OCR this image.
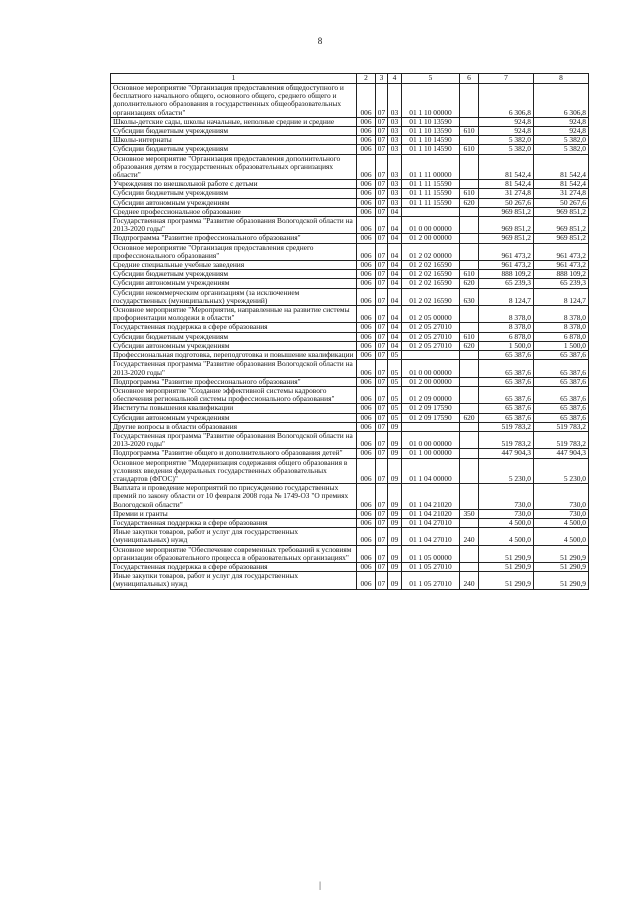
8
1	2	3	4	5	6	7	8
Основное мероприятие "Организация предоставления общедоступного и бесплатного начального общего, основного общего, среднего общего и дополнительного образования в государственных общеобразовательных организациях области"	006	07	03	01 1 10 00000		6 306,8	6 306,8
Школы-детские сады, школы начальные, неполные средние и средние	006	07	03	01 1 10 13590		924,8	924,8
Субсидии бюджетным учреждениям	006	07	03	01 1 10 13590	610	924,8	924,8
Школы-интернаты	006	07	03	01 1 10 14590		5 382,0	5 382,0
Субсидии бюджетным учреждениям	006	07	03	01 1 10 14590	610	5 382,0	5 382,0
Основное мероприятие "Организация предоставления дополнительного образования детям в государственных образовательных организациях области"	006	07	03	01 1 11 00000		81 542,4	81 542,4
Учреждения по внешкольной работе с детьми	006	07	03	01 1 11 15590		81 542,4	81 542,4
Субсидии бюджетным учреждениям	006	07	03	01 1 11 15590	610	31 274,8	31 274,8
Субсидии автономным учреждениям	006	07	03	01 1 11 15590	620	50 267,6	50 267,6
Среднее профессиональное образование	006	07	04			969 851,2	969 851,2
Государственная программа "Развитие образования Вологодской области на 2013-2020 годы"	006	07	04	01 0 00 00000		969 851,2	969 851,2
Подпрограмма "Развитие профессионального образования"	006	07	04	01 2 00 00000		969 851,2	969 851,2
Основное мероприятие "Организация предоставления среднего профессионального образования"	006	07	04	01 2 02 00000		961 473,2	961 473,2
Средние специальные учебные заведения	006	07	04	01 2 02 16590		961 473,2	961 473,2
Субсидии бюджетным учреждениям	006	07	04	01 2 02 16590	610	888 109,2	888 109,2
Субсидии автономным учреждениям	006	07	04	01 2 02 16590	620	65 239,3	65 239,3
Субсидии некоммерческим организациям (за исключением государственных (муниципальных) учреждений)	006	07	04	01 2 02 16590	630	8 124,7	8 124,7
Основное мероприятие "Мероприятия, направленные на развитие системы профориентации молодежи в области"	006	07	04	01 2 05 00000		8 378,0	8 378,0
Государственная поддержка в сфере образования	006	07	04	01 2 05 27010		8 378,0	8 378,0
Субсидии бюджетным учреждениям	006	07	04	01 2 05 27010	610	6 878,0	6 878,0
Субсидии автономным учреждениям	006	07	04	01 2 05 27010	620	1 500,0	1 500,0
Профессиональная подготовка, переподготовка и повышение квалификации	006	07	05			65 387,6	65 387,6
Государственная программа "Развитие образования Вологодской области на 2013-2020 годы"	006	07	05	01 0 00 00000		65 387,6	65 387,6
Подпрограмма "Развитие профессионального образования"	006	07	05	01 2 00 00000		65 387,6	65 387,6
Основное мероприятие "Создание эффективной системы кадрового обеспечения региональной системы профессионального образования"	006	07	05	01 2 09 00000		65 387,6	65 387,6
Институты повышения квалификации	006	07	05	01 2 09 17590		65 387,6	65 387,6
Субсидии автономным учреждениям	006	07	05	01 2 09 17590	620	65 387,6	65 387,6
Другие вопросы в области образования	006	07	09			519 783,2	519 783,2
Государственная программа "Развитие образования Вологодской области на 2013-2020 годы"	006	07	09	01 0 00 00000		519 783,2	519 783,2
Подпрограмма "Развитие общего и дополнительного образования детей"	006	07	09	01 1 00 00000		447 904,3	447 904,3
Основное мероприятие "Модернизация содержания общего образования в условиях введения федеральных государственных образовательных стандартов (ФГОС)"	006	07	09	01 1 04 00000		5 230,0	5 230,0
Выплата и проведение мероприятий по присуждению государственных премий по закону области от 10 февраля 2008 года № 1749-ОЗ "О премиях Вологодской области"	006	07	09	01 1 04 21020		730,0	730,0
Премии и гранты	006	07	09	01 1 04 21020	350	730,0	730,0
Государственная поддержка в сфере образования	006	07	09	01 1 04 27010		4 500,0	4 500,0
Иные закупки товаров, работ и услуг для государственных (муниципальных) нужд	006	07	09	01 1 04 27010	240	4 500,0	4 500,0
Основное мероприятие "Обеспечение современных требований к условиям организации образовательного процесса в образовательных организациях"	006	07	09	01 1 05 00000		51 290,9	51 290,9
Государственная поддержка в сфере образования	006	07	09	01 1 05 27010		51 290,9	51 290,9
Иные закупки товаров, работ и услуг для государственных (муниципальных) нужд	006	07	09	01 1 05 27010	240	51 290,9	51 290,9
|
